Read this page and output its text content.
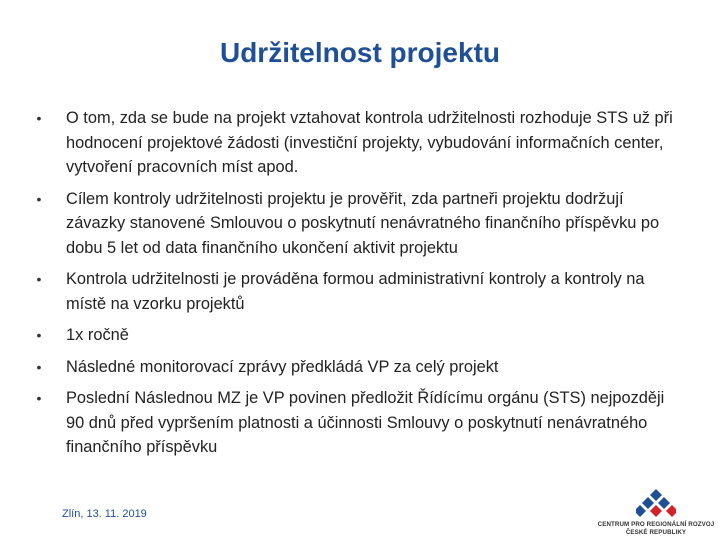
Udržitelnost projektu
• O tom, zda se bude na projekt vztahovat kontrola udržitelnosti rozhoduje STS už při hodnocení projektové žádosti (investiční projekty, vybudování informačních center, vytvoření pracovních míst apod.
• Cílem kontroly udržitelnosti projektu je prověřit, zda partneři projektu dodržují závazky stanovené Smlouvou o poskytnutí nenávratného finančního příspěvku po dobu 5 let od data finančního ukončení aktivit projektu
• Kontrola udržitelnosti je prováděna formou administrativní kontroly a kontroly na místě na vzorku projektů
• 1x ročně
• Následné monitorovací zprávy předkládá VP za celý projekt
• Poslední Následnou MZ je VP povinen předložit Řídícímu orgánu (STS) nejpozději 90 dnů před vypršením platnosti a účinnosti Smlouvy o poskytnutí nenávratného finančního příspěvku
Zlín, 13. 11. 2019
CENTRUM PRO REGIONÁLNÍ ROZVOJ
ČESKÉ REPUBLIKY
